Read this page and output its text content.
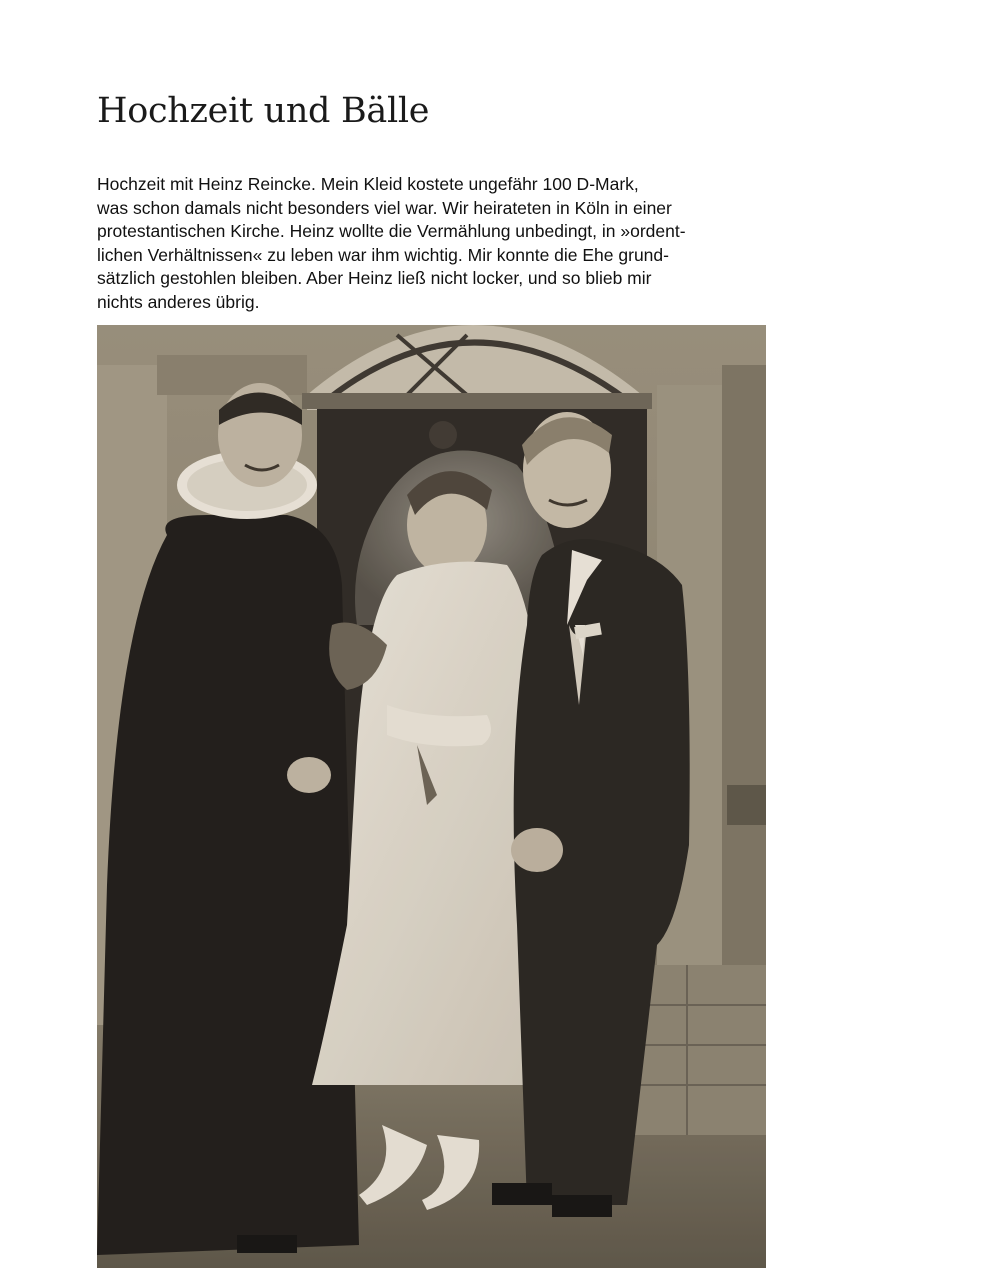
Hochzeit und Bälle

Hochzeit mit Heinz Reincke. Mein Kleid kostete ungefähr 100 D-Mark,
was schon damals nicht besonders viel war. Wir heirateten in Köln in einer
protestantischen Kirche. Heinz wollte die Vermählung unbedingt, in »ordent-
lichen Verhältnissen« zu leben war ihm wichtig. Mir konnte die Ehe grund-
sätzlich gestohlen bleiben. Aber Heinz ließ nicht locker, und so blieb mir
nichts anderes übrig.
